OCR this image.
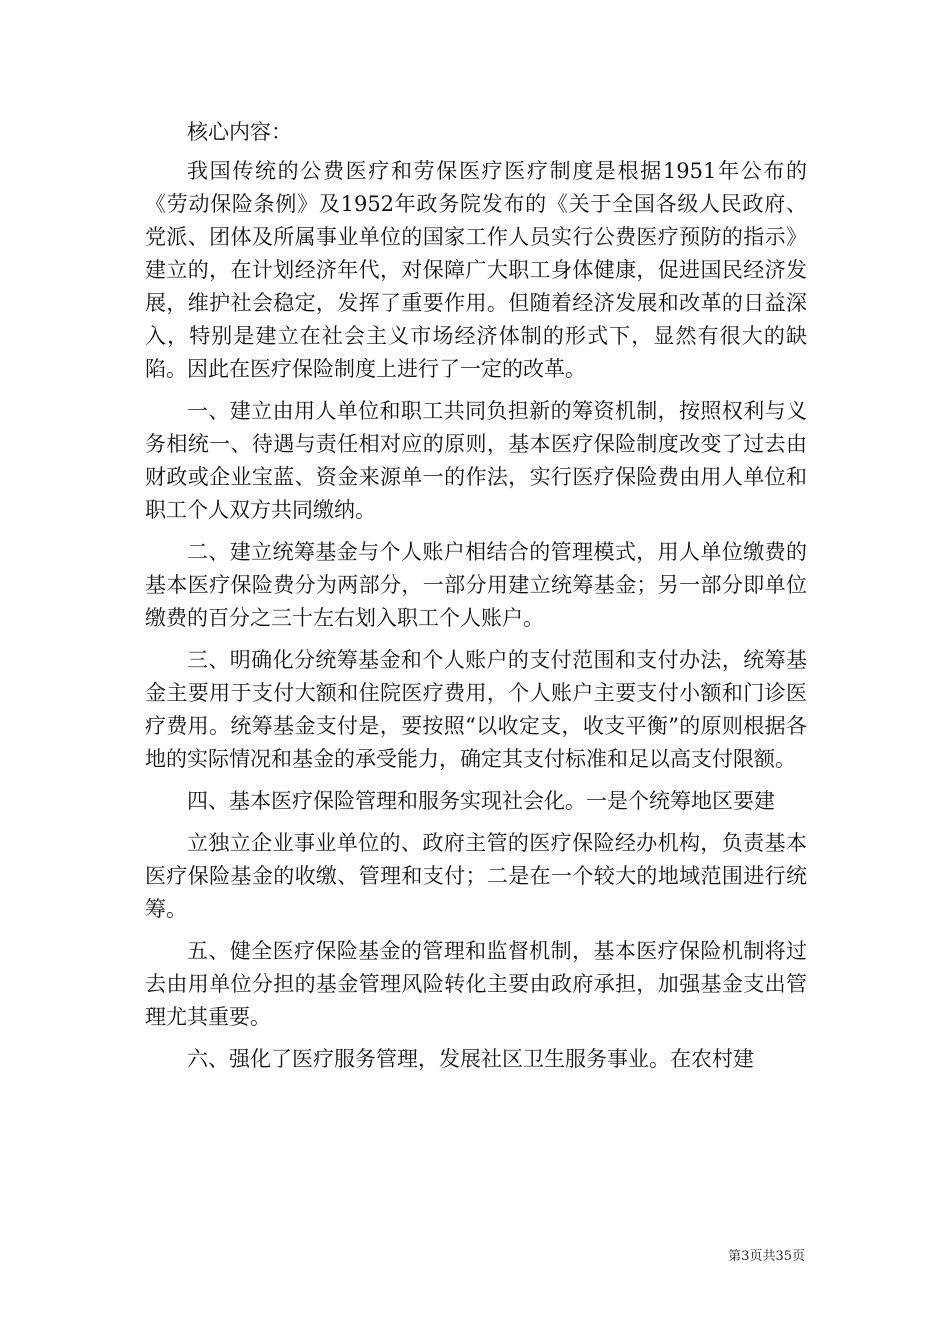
核心内容：

我国传统的公费医疗和劳保医疗医疗制度是根据1951年公布的《劳动保险条例》及1952年政务院发布的《关于全国各级人民政府、党派、团体及所属事业单位的国家工作人员实行公费医疗预防的指示》建立的，在计划经济年代，对保障广大职工身体健康，促进国民经济发展，维护社会稳定，发挥了重要作用。但随着经济发展和改革的日益深入，特别是建立在社会主义市场经济体制的形式下，显然有很大的缺陷。因此在医疗保险制度上进行了一定的改革。

一、建立由用人单位和职工共同负担新的筹资机制，按照权利与义务相统一、待遇与责任相对应的原则，基本医疗保险制度改变了过去由财政或企业宝蓝、资金来源单一的作法，实行医疗保险费由用人单位和职工个人双方共同缴纳。

二、建立统筹基金与个人账户相结合的管理模式，用人单位缴费的基本医疗保险费分为两部分，一部分用建立统筹基金；另一部分即单位缴费的百分之三十左右划入职工个人账户。

三、明确化分统筹基金和个人账户的支付范围和支付办法，统筹基金主要用于支付大额和住院医疗费用，个人账户主要支付小额和门诊医疗费用。统筹基金支付是，要按照“以收定支，收支平衡”的原则根据各地的实际情况和基金的承受能力，确定其支付标准和足以高支付限额。

四、基本医疗保险管理和服务实现社会化。一是个统筹地区要建

立独立企业事业单位的、政府主管的医疗保险经办机构，负责基本医疗保险基金的收缴、管理和支付；二是在一个较大的地域范围进行统筹。

五、健全医疗保险基金的管理和监督机制，基本医疗保险机制将过去由用单位分担的基金管理风险转化主要由政府承担，加强基金支出管理尤其重要。

六、强化了医疗服务管理，发展社区卫生服务事业。在农村建

第3页共35页
